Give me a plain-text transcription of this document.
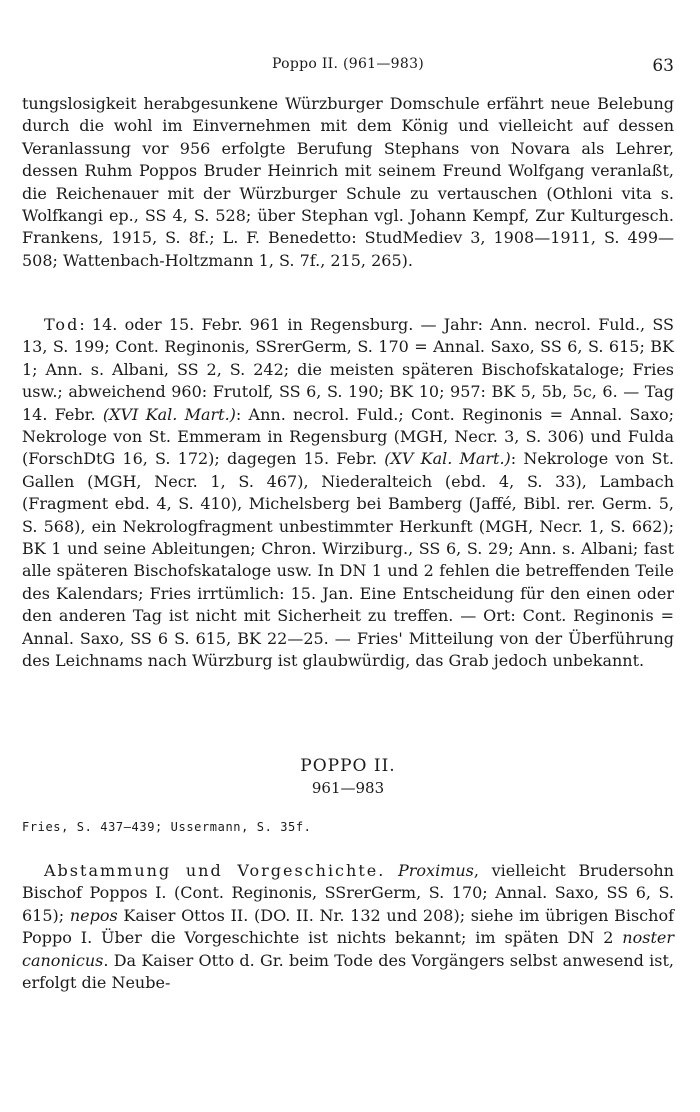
Poppo II. (961—983)	63

tungslosigkeit herabgesunkene Würzburger Domschule erfährt neue Belebung durch die wohl im Einvernehmen mit dem König und vielleicht auf dessen Veranlassung vor 956 erfolgte Berufung Stephans von Novara als Lehrer, dessen Ruhm Poppos Bruder Heinrich mit seinem Freund Wolfgang veranlaßt, die Reichenauer mit der Würzburger Schule zu vertauschen (Othloni vita s. Wolfkangi ep., SS 4, S. 528; über Stephan vgl. Johann Kempf, Zur Kulturgesch. Frankens, 1915, S. 8f.; L. F. Benedetto: StudMediev 3, 1908—1911, S. 499—508; Wattenbach-Holtzmann 1, S. 7f., 215, 265).

Tod: 14. oder 15. Febr. 961 in Regensburg. — Jahr: Ann. necrol. Fuld., SS 13, S. 199; Cont. Reginonis, SSrerGerm, S. 170 = Annal. Saxo, SS 6, S. 615; BK 1; Ann. s. Albani, SS 2, S. 242; die meisten späteren Bischofskataloge; Fries usw.; abweichend 960: Frutolf, SS 6, S. 190; BK 10; 957: BK 5, 5b, 5c, 6. — Tag 14. Febr. (XVI Kal. Mart.): Ann. necrol. Fuld.; Cont. Reginonis = Annal. Saxo; Nekrologe von St. Emmeram in Regensburg (MGH, Necr. 3, S. 306) und Fulda (ForschDtG 16, S. 172); dagegen 15. Febr. (XV Kal. Mart.): Nekrologe von St. Gallen (MGH, Necr. 1, S. 467), Niederalteich (ebd. 4, S. 33), Lambach (Fragment ebd. 4, S. 410), Michelsberg bei Bamberg (Jaffé, Bibl. rer. Germ. 5, S. 568), ein Nekrologfragment unbestimmter Herkunft (MGH, Necr. 1, S. 662); BK 1 und seine Ableitungen; Chron. Wirziburg., SS 6, S. 29; Ann. s. Albani; fast alle späteren Bischofskataloge usw. In DN 1 und 2 fehlen die betreffenden Teile des Kalendars; Fries irrtümlich: 15. Jan. Eine Entscheidung für den einen oder den anderen Tag ist nicht mit Sicherheit zu treffen. — Ort: Cont. Reginonis = Annal. Saxo, SS 6 S. 615, BK 22—25. — Fries' Mitteilung von der Überführung des Leichnams nach Würzburg ist glaubwürdig, das Grab jedoch unbekannt.

POPPO II.
961—983
Fries, S. 437—439; Ussermann, S. 35f.

Abstammung und Vorgeschichte. Proximus, vielleicht Brudersohn Bischof Poppos I. (Cont. Reginonis, SSrerGerm, S. 170; Annal. Saxo, SS 6, S. 615); nepos Kaiser Ottos II. (DO. II. Nr. 132 und 208); siehe im übrigen Bischof Poppo I. Über die Vorgeschichte ist nichts bekannt; im späten DN 2 noster canonicus. Da Kaiser Otto d. Gr. beim Tode des Vorgängers selbst anwesend ist, erfolgt die Neube-
